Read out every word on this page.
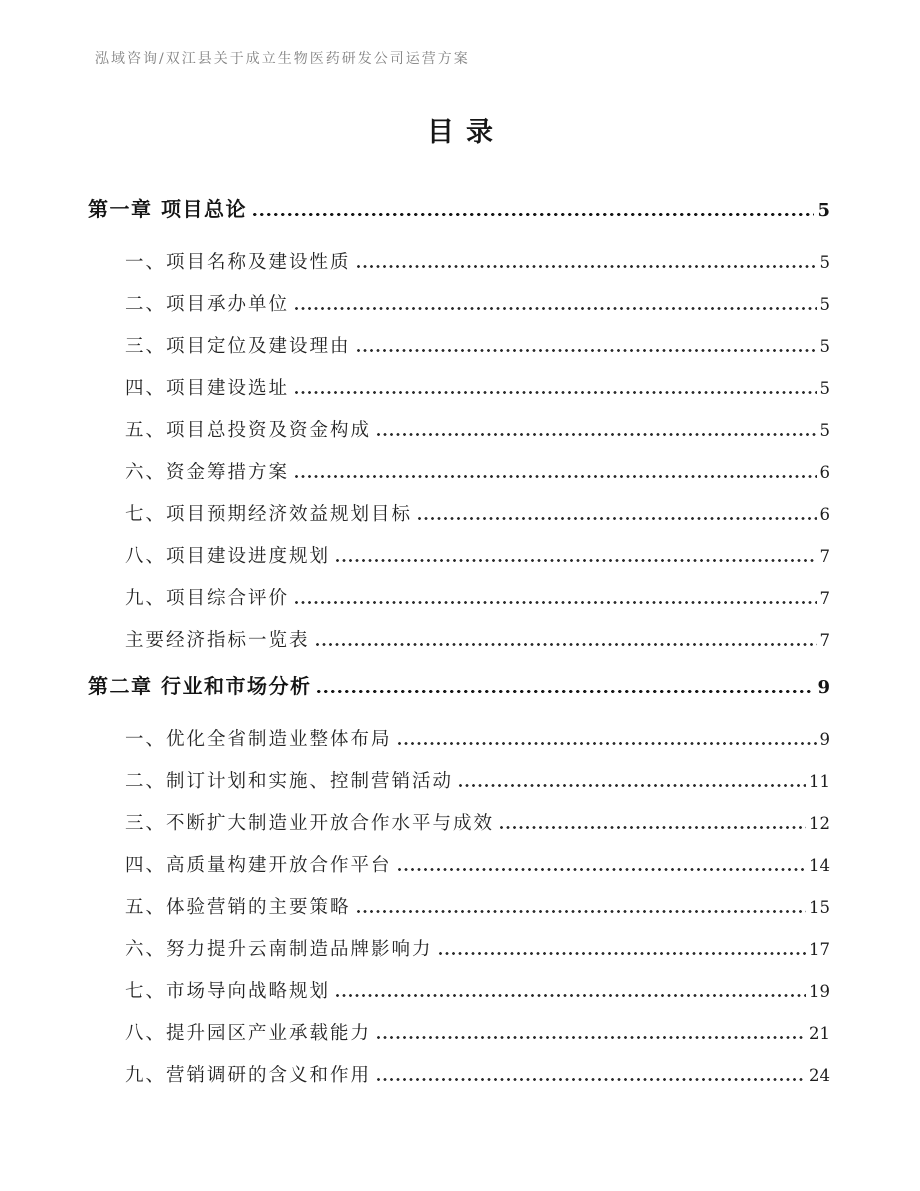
泓域咨询/双江县关于成立生物医药研发公司运营方案
目录
第一章 项目总论	5
一、项目名称及建设性质	5
二、项目承办单位	5
三、项目定位及建设理由	5
四、项目建设选址	5
五、项目总投资及资金构成	5
六、资金筹措方案	6
七、项目预期经济效益规划目标	6
八、项目建设进度规划	7
九、项目综合评价	7
主要经济指标一览表	7
第二章 行业和市场分析	9
一、优化全省制造业整体布局	9
二、制订计划和实施、控制营销活动	11
三、不断扩大制造业开放合作水平与成效	12
四、高质量构建开放合作平台	14
五、体验营销的主要策略	15
六、努力提升云南制造品牌影响力	17
七、市场导向战略规划	19
八、提升园区产业承载能力	21
九、营销调研的含义和作用	24
